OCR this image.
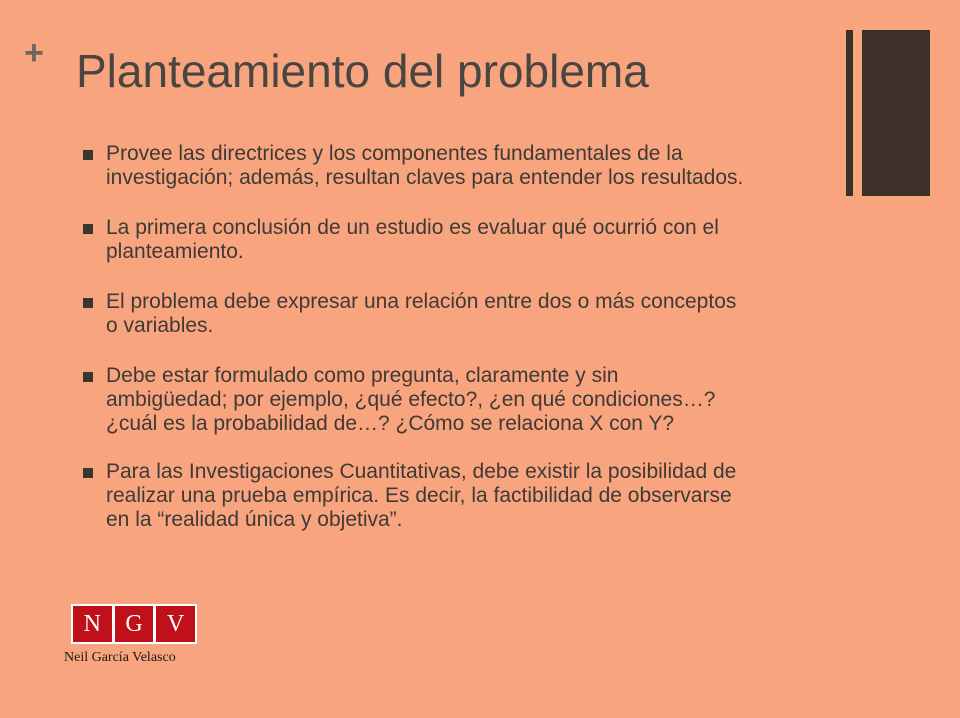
+ Planteamiento del problema
Provee las directrices y los componentes fundamentales de la
investigación; además, resultan claves para entender los resultados.
La primera conclusión de un estudio es evaluar qué ocurrió con el
planteamiento.
El problema debe expresar una relación entre dos o más conceptos
o variables.
Debe estar formulado como pregunta, claramente y sin
ambigüedad; por ejemplo, ¿qué efecto?, ¿en qué condiciones…?
¿cuál es la probabilidad de…? ¿Cómo se relaciona X con Y?
Para las Investigaciones Cuantitativas, debe existir la posibilidad de
realizar una prueba empírica. Es decir, la factibilidad de observarse
en la “realidad única y objetiva”.
N	G	V
Neil García Velasco
